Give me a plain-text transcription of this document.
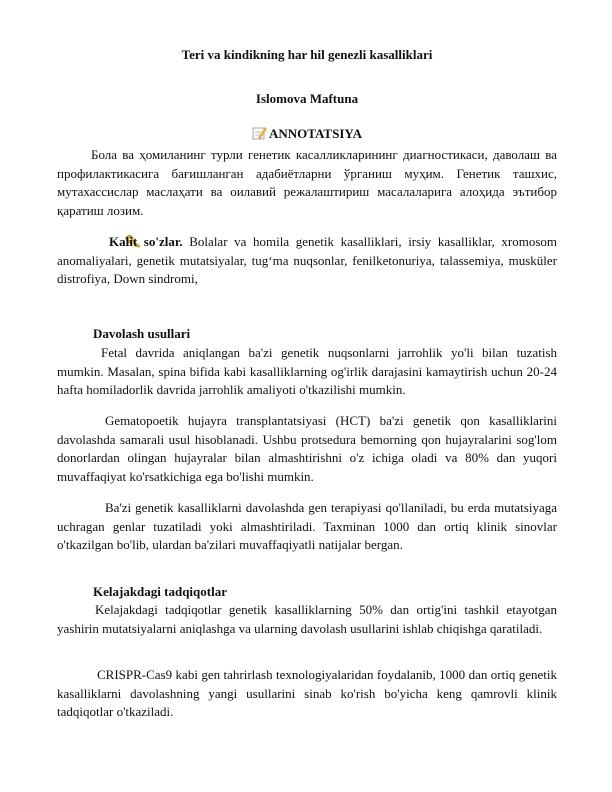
Teri va kindikning har hil genezli kasalliklari
Islomova Maftuna
ANNOTATSIYA
Бола ва ҳомиланинг турли генетик касалликларининг диагностикаси, даволаш ва профилактикасига бағишланган адабиётларни ўрганиш муҳим. Генетик ташхис, мутахассислар маслаҳати ва оилавий режалаштириш масалаларига алоҳида эътибор қаратиш лозим.
Kalit so'zlar. Bolalar va homila genetik kasalliklari, irsiy kasalliklar, xromosom anomaliyalari, genetik mutatsiyalar, tug‘ma nuqsonlar, fenilketonuriya, talassemiya, musküler distrofiya, Down sindromi,
Davolash usullari
Fetal davrida aniqlangan ba'zi genetik nuqsonlarni jarrohlik yo'li bilan tuzatish mumkin. Masalan, spina bifida kabi kasalliklarning og'irlik darajasini kamaytirish uchun 20-24 hafta homiladorlik davrida jarrohlik amaliyoti o'tkazilishi mumkin.
Gematopoetik hujayra transplantatsiyasi (HCT) ba'zi genetik qon kasalliklarini davolashda samarali usul hisoblanadi. Ushbu protsedura bemorning qon hujayralarini sog'lom donorlardan olingan hujayralar bilan almashtirishni o'z ichiga oladi va 80% dan yuqori muvaffaqiyat ko'rsatkichiga ega bo'lishi mumkin.
Ba'zi genetik kasalliklarni davolashda gen terapiyasi qo'llaniladi, bu erda mutatsiyaga uchragan genlar tuzatiladi yoki almashtiriladi. Taxminan 1000 dan ortiq klinik sinovlar o'tkazilgan bo'lib, ulardan ba'zilari muvaffaqiyatli natijalar bergan.
Kelajakdagi tadqiqotlar
Kelajakdagi tadqiqotlar genetik kasalliklarning 50% dan ortig'ini tashkil etayotgan yashirin mutatsiyalarni aniqlashga va ularning davolash usullarini ishlab chiqishga qaratiladi.
CRISPR-Cas9 kabi gen tahrirlash texnologiyalaridan foydalanib, 1000 dan ortiq genetik kasalliklarni davolashning yangi usullarini sinab ko'rish bo'yicha keng qamrovli klinik tadqiqotlar o'tkaziladi.
